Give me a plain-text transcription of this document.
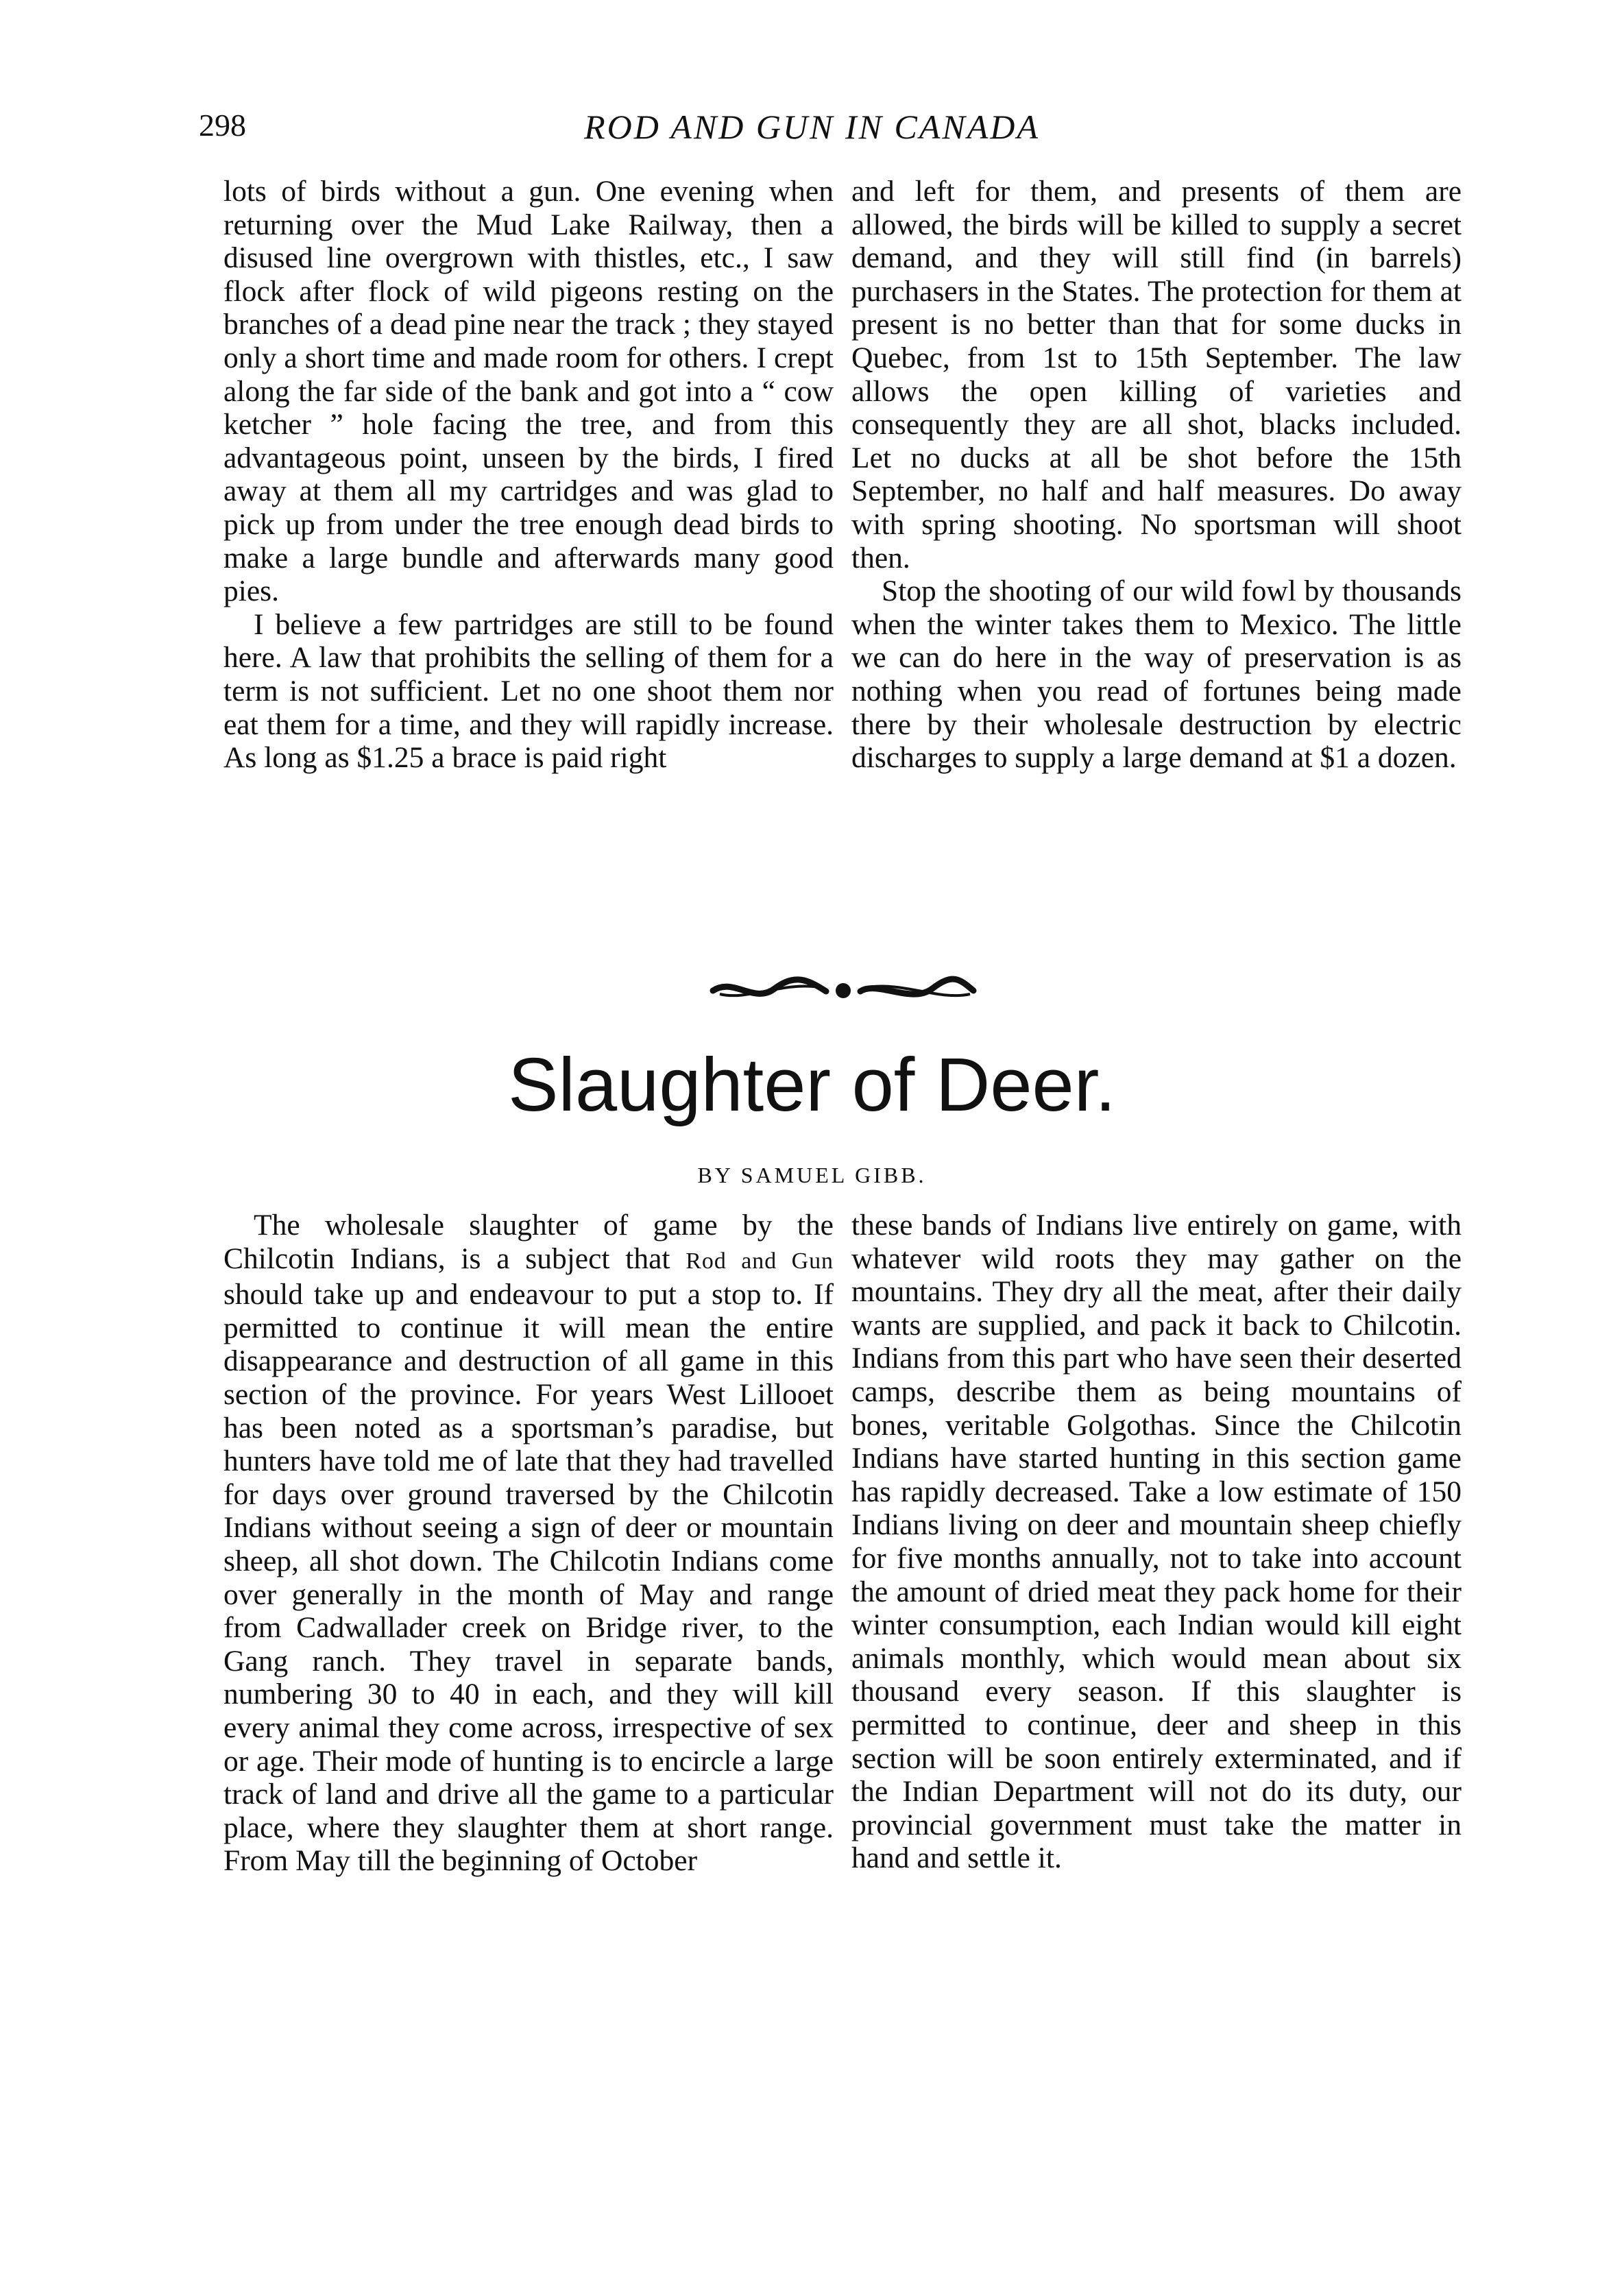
298	ROD AND GUN IN CANADA

lots of birds without a gun. One evening when returning over the Mud Lake Railway, then a disused line overgrown with thistles, etc., I saw flock after flock of wild pigeons resting on the branches of a dead pine near the track ; they stayed only a short time and made room for others. I crept along the far side of the bank and got into a “ cow ketcher ” hole facing the tree, and from this advantageous point, unseen by the birds, I fired away at them all my cartridges and was glad to pick up from under the tree enough dead birds to make a large bundle and afterwards many good pies.

I believe a few partridges are still to be found here. A law that prohibits the selling of them for a term is not sufficient. Let no one shoot them nor eat them for a time, and they will rapidly increase. As long as $1.25 a brace is paid right

and left for them, and presents of them are allowed, the birds will be killed to supply a secret demand, and they will still find (in barrels) purchasers in the States. The protection for them at present is no better than that for some ducks in Quebec, from 1st to 15th September. The law allows the open killing of varieties and consequently they are all shot, blacks included. Let no ducks at all be shot before the 15th September, no half and half measures. Do away with spring shooting. No sportsman will shoot then.

Stop the shooting of our wild fowl by thousands when the winter takes them to Mexico. The little we can do here in the way of preservation is as nothing when you read of fortunes being made there by their wholesale destruction by electric discharges to supply a large demand at $1 a dozen.

Slaughter of Deer.
BY SAMUEL GIBB.

The wholesale slaughter of game by the Chilcotin Indians, is a subject that Rod and Gun should take up and endeavour to put a stop to. If permitted to continue it will mean the entire disappearance and destruction of all game in this section of the province. For years West Lillooet has been noted as a sportsman’s paradise, but hunters have told me of late that they had travelled for days over ground traversed by the Chilcotin Indians without seeing a sign of deer or mountain sheep, all shot down. The Chilcotin Indians come over generally in the month of May and range from Cadwallader creek on Bridge river, to the Gang ranch. They travel in separate bands, numbering 30 to 40 in each, and they will kill every animal they come across, irrespective of sex or age. Their mode of hunting is to encircle a large track of land and drive all the game to a particular place, where they slaughter them at short range. From May till the beginning of October

these bands of Indians live entirely on game, with whatever wild roots they may gather on the mountains. They dry all the meat, after their daily wants are supplied, and pack it back to Chilcotin. Indians from this part who have seen their deserted camps, describe them as being mountains of bones, veritable Golgothas. Since the Chilcotin Indians have started hunting in this section game has rapidly decreased. Take a low estimate of 150 Indians living on deer and mountain sheep chiefly for five months annually, not to take into account the amount of dried meat they pack home for their winter consumption, each Indian would kill eight animals monthly, which would mean about six thousand every season. If this slaughter is permitted to continue, deer and sheep in this section will be soon entirely exterminated, and if the Indian Department will not do its duty, our provincial government must take the matter in hand and settle it.
